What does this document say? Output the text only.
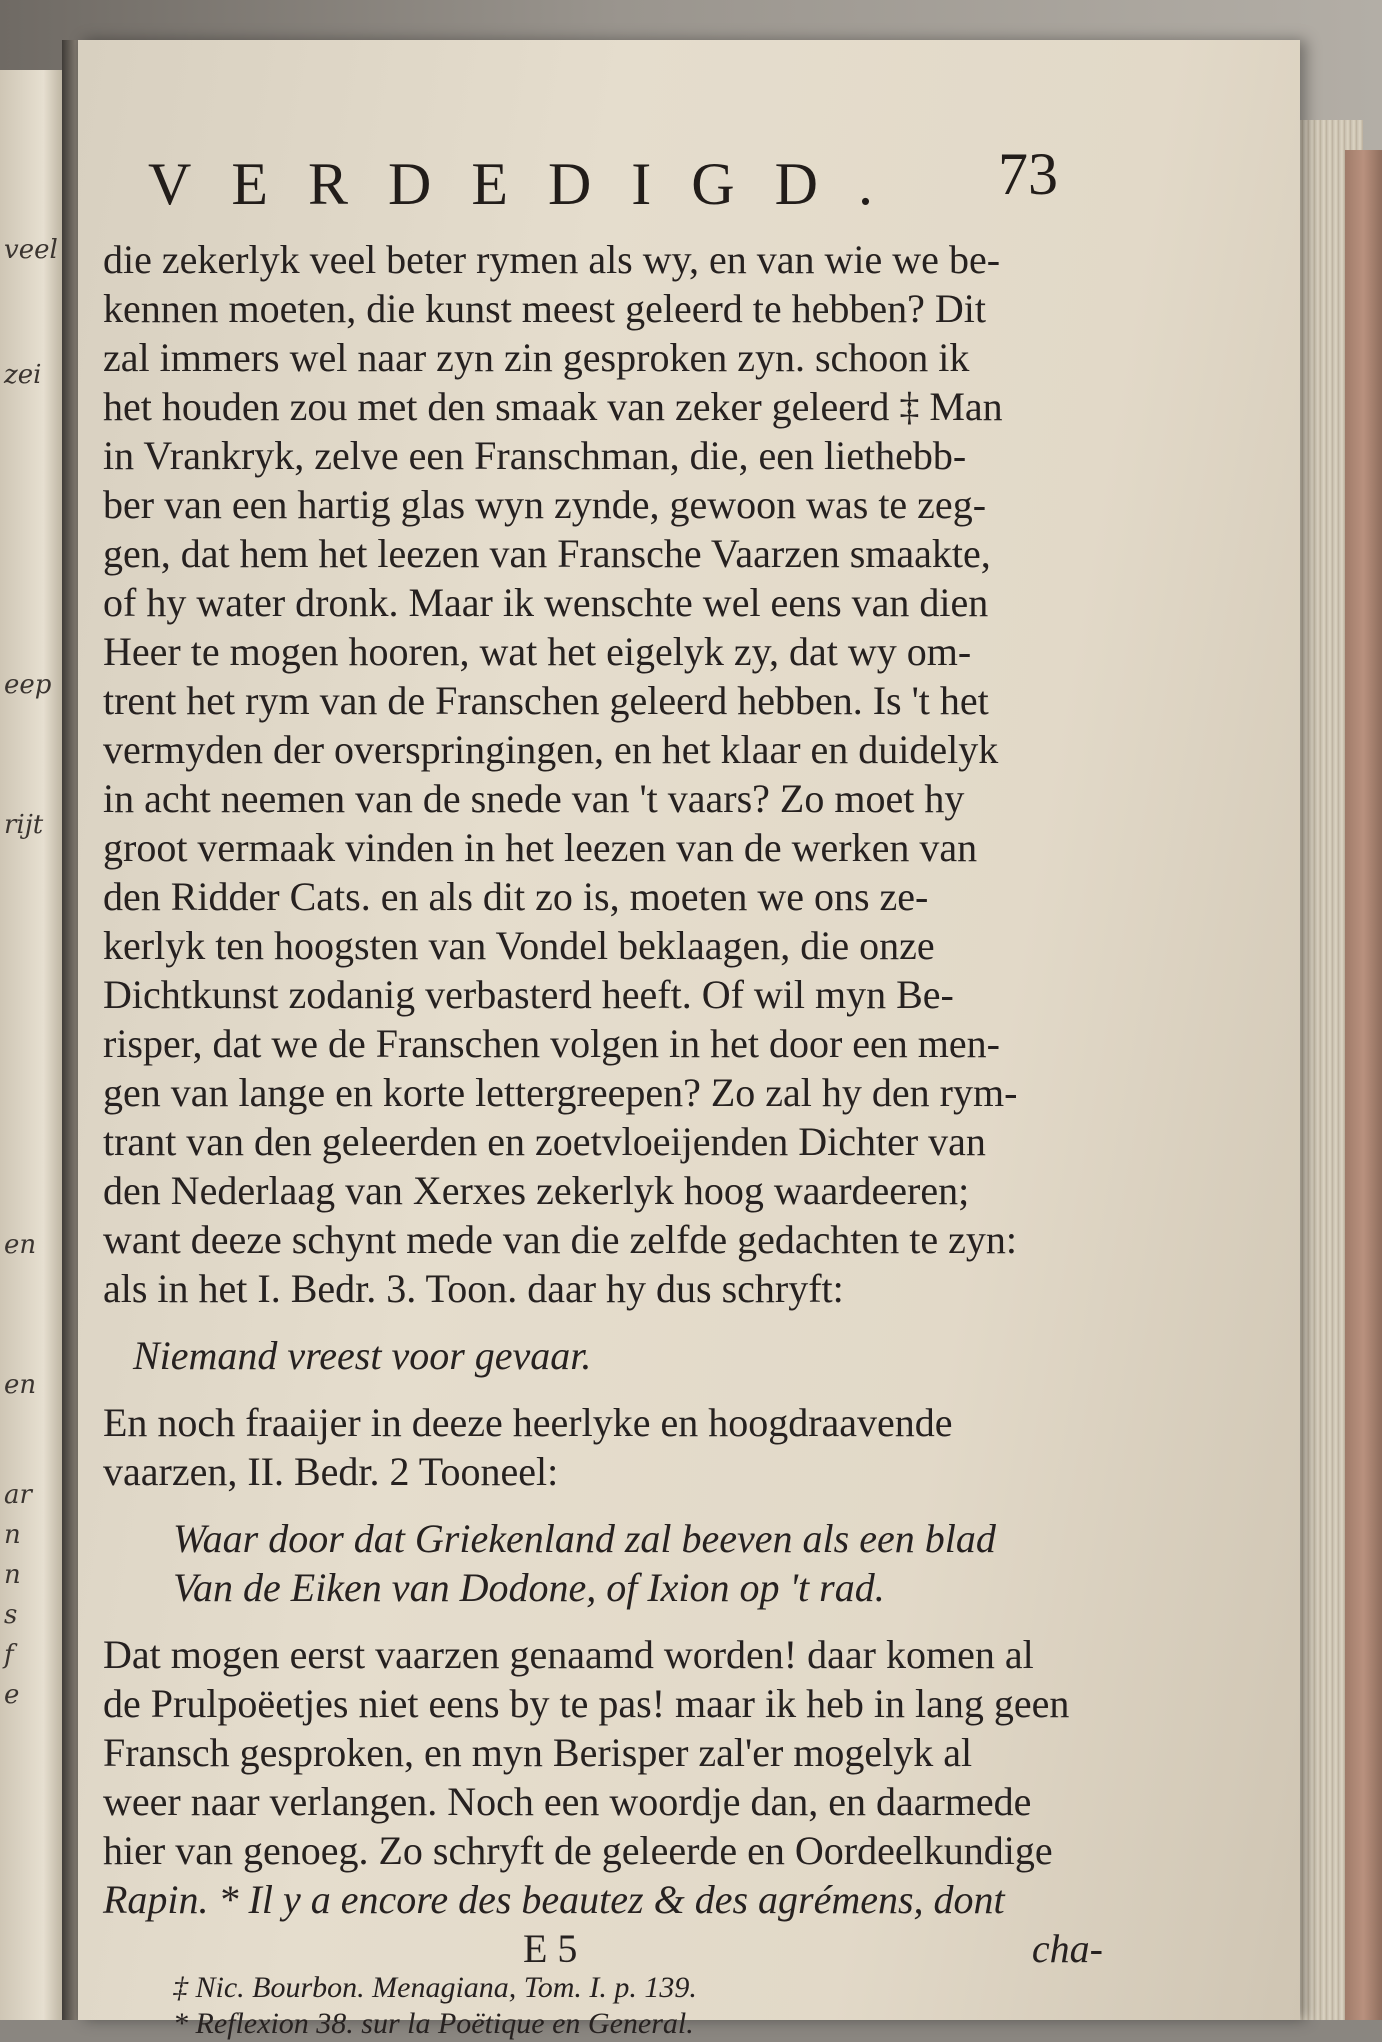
veel
zei
eep
rijt
en
en
ar
n
n
s
f
e
VERDEDIGD. 73
die zekerlyk veel beter rymen als wy, en van wie we be-
kennen moeten, die kunst meest geleerd te hebben? Dit
zal immers wel naar zyn zin gesproken zyn. schoon ik
het houden zou met den smaak van zeker geleerd ‡ Man
in Vrankryk, zelve een Franschman, die, een liethebb-
ber van een hartig glas wyn zynde, gewoon was te zeg-
gen, dat hem het leezen van Fransche Vaarzen smaakte,
of hy water dronk. Maar ik wenschte wel eens van dien
Heer te mogen hooren, wat het eigelyk zy, dat wy om-
trent het rym van de Franschen geleerd hebben. Is 't het
vermyden der overspringingen, en het klaar en duidelyk
in acht neemen van de snede van 't vaars? Zo moet hy
groot vermaak vinden in het leezen van de werken van
den Ridder Cats. en als dit zo is, moeten we ons ze-
kerlyk ten hoogsten van Vondel beklaagen, die onze
Dichtkunst zodanig verbasterd heeft. Of wil myn Be-
risper, dat we de Franschen volgen in het door een men-
gen van lange en korte lettergreepen? Zo zal hy den rym-
trant van den geleerden en zoetvloeijenden Dichter van
den Nederlaag van Xerxes zekerlyk hoog waardeeren;
want deeze schynt mede van die zelfde gedachten te zyn:
als in het I. Bedr. 3. Toon. daar hy dus schryft:
Niemand vreest voor gevaar.
En noch fraaijer in deeze heerlyke en hoogdraavende
vaarzen, II. Bedr. 2 Tooneel:
Waar door dat Griekenland zal beeven als een blad
Van de Eiken van Dodone, of Ixion op 't rad.
Dat mogen eerst vaarzen genaamd worden! daar komen al
de Prulpoëetjes niet eens by te pas! maar ik heb in lang geen
Fransch gesproken, en myn Berisper zal'er mogelyk al
weer naar verlangen. Noch een woordje dan, en daarmede
hier van genoeg. Zo schryft de geleerde en Oordeelkundige
Rapin. * Il y a encore des beautez & des agrémens, dont
E 5	cha-
‡ Nic. Bourbon. Menagiana, Tom. I. p. 139.
* Reflexion 38. sur la Poëtique en General.
